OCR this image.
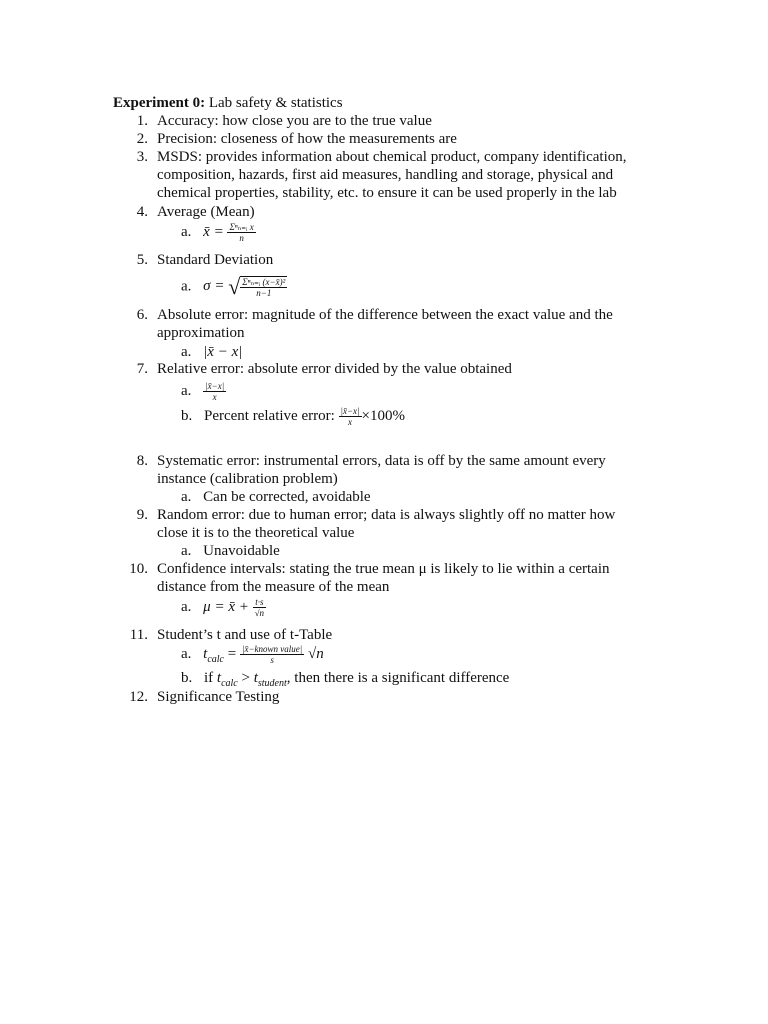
Experiment 0: Lab safety & statistics
1. Accuracy: how close you are to the true value
2. Precision: closeness of how the measurements are
3. MSDS: provides information about chemical product, company identification,
composition, hazards, first aid measures, handling and storage, physical and
chemical properties, stability, etc. to ensure it can be used properly in the lab
4. Average (Mean)
a. x̄ = $\frac{\text{Σⁿₙ₌ᵢ x}}{n}$
5. Standard Deviation
a. σ = √ $\frac{\text{Σⁿₙ₌ᵢ (x−x̄)²}}{n-1}$
6. Absolute error: magnitude of the difference between the exact value and the
approximation
a. |x̄ − x|
7. Relative error: absolute error divided by the value obtained
a. $\frac{|x̄-x|}{x}$
b. Percent relative error: $\frac{|x̄-x|}{x} \times 100\%$
8. Systematic error: instrumental errors, data is off by the same amount every
instance (calibration problem)
a. Can be corrected, avoidable
9. Random error: due to human error; data is always slightly off no matter how
close it is to the theoretical value
a. Unavoidable
10. Confidence intervals: stating the true mean μ is likely to lie within a certain
distance from the measure of the mean
a. μ = x̄ + $\frac{t\cdot s}{√n}$
11. Student’s t and use of t-Table
a. $t_{calc} = \frac{\text{|x̄−known value|}}{s} √n$
b. if $t_{calc} > t_{student}$, then there is a significant difference
12. Significance Testing
